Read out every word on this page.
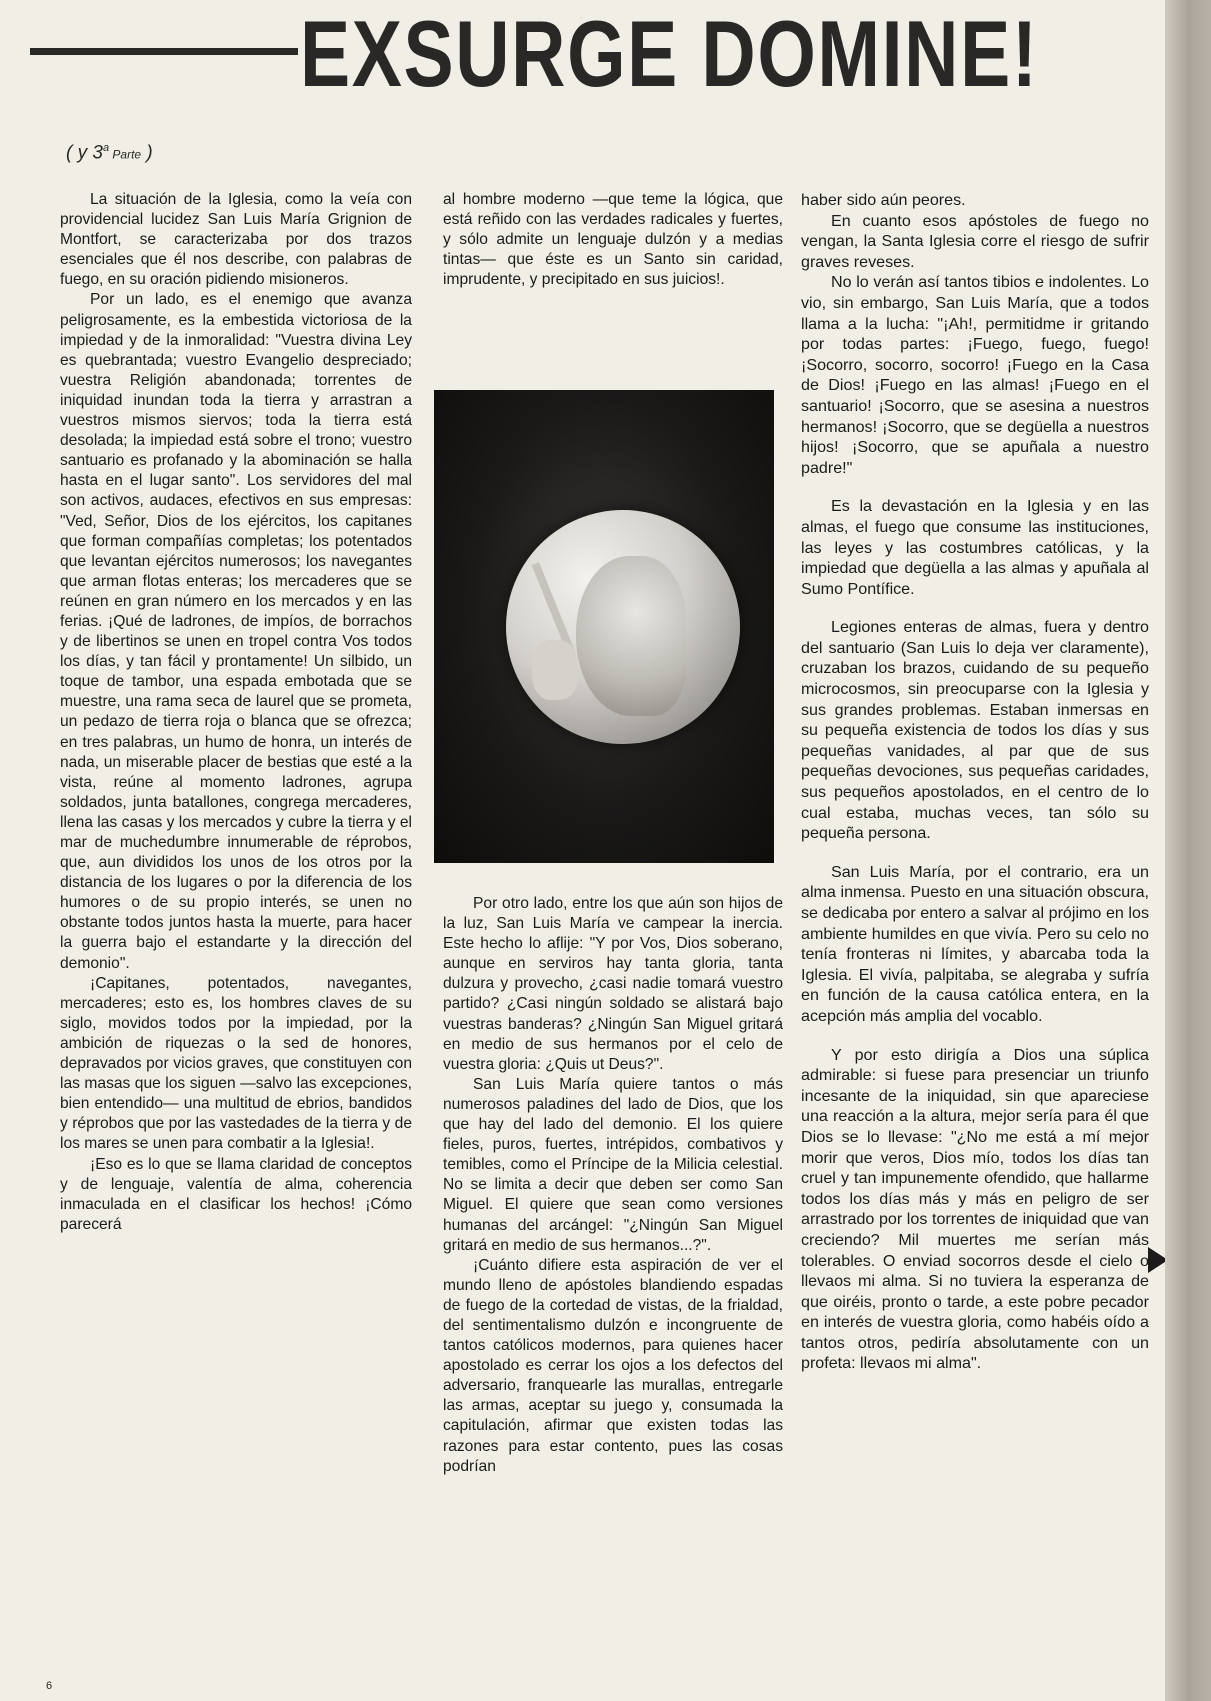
EXSURGE DOMINE!
( y 3$^a$ Parte )

La situación de la Iglesia, como la veía con providencial lucidez San Luis María Grignion de Montfort, se caracterizaba por dos trazos esenciales que él nos describe, con palabras de fuego, en su oración pidiendo misioneros.

Por un lado, es el enemigo que avanza peligrosamente, es la embestida victoriosa de la impiedad y de la inmoralidad: "Vuestra divina Ley es quebrantada; vuestro Evangelio despreciado; vuestra Religión abandonada; torrentes de iniquidad inundan toda la tierra y arrastran a vuestros mismos siervos; toda la tierra está desolada; la impiedad está sobre el trono; vuestro santuario es profanado y la abominación se halla hasta en el lugar santo". Los servidores del mal son activos, audaces, efectivos en sus empresas: "Ved, Señor, Dios de los ejércitos, los capitanes que forman compañías completas; los potentados que levantan ejércitos numerosos; los navegantes que arman flotas enteras; los mercaderes que se reúnen en gran número en los mercados y en las ferias. ¡Qué de ladrones, de impíos, de borrachos y de libertinos se unen en tropel contra Vos todos los días, y tan fácil y prontamente! Un silbido, un toque de tambor, una espada embotada que se muestre, una rama seca de laurel que se prometa, un pedazo de tierra roja o blanca que se ofrezca; en tres palabras, un humo de honra, un interés de nada, un miserable placer de bestias que esté a la vista, reúne al momento ladrones, agrupa soldados, junta batallones, congrega mercaderes, llena las casas y los mercados y cubre la tierra y el mar de muchedumbre innumerable de réprobos, que, aun divididos los unos de los otros por la distancia de los lugares o por la diferencia de los humores o de su propio interés, se unen no obstante todos juntos hasta la muerte, para hacer la guerra bajo el estandarte y la dirección del demonio".

¡Capitanes, potentados, navegantes, mercaderes; esto es, los hombres claves de su siglo, movidos todos por la impiedad, por la ambición de riquezas o la sed de honores, depravados por vicios graves, que constituyen con las masas que los siguen —salvo las excepciones, bien entendido— una multitud de ebrios, bandidos y réprobos que por las vastedades de la tierra y de los mares se unen para combatir a la Iglesia!.

¡Eso es lo que se llama claridad de conceptos y de lenguaje, valentía de alma, coherencia inmaculada en el clasificar los hechos! ¡Cómo parecerá

al hombre moderno —que teme la lógica, que está reñido con las verdades radicales y fuertes, y sólo admite un lenguaje dulzón y a medias tintas— que éste es un Santo sin caridad, imprudente, y precipitado en sus juicios!.

Por otro lado, entre los que aún son hijos de la luz, San Luis María ve campear la inercia. Este hecho lo aflije: "Y por Vos, Dios soberano, aunque en serviros hay tanta gloria, tanta dulzura y provecho, ¿casi nadie tomará vuestro partido? ¿Casi ningún soldado se alistará bajo vuestras banderas? ¿Ningún San Miguel gritará en medio de sus hermanos por el celo de vuestra gloria: ¿Quis ut Deus?".

San Luis María quiere tantos o más numerosos paladines del lado de Dios, que los que hay del lado del demonio. El los quiere fieles, puros, fuertes, intrépidos, combativos y temibles, como el Príncipe de la Milicia celestial. No se limita a decir que deben ser como San Miguel. El quiere que sean como versiones humanas del arcángel: "¿Ningún San Miguel gritará en medio de sus hermanos...?".

¡Cuánto difiere esta aspiración de ver el mundo lleno de apóstoles blandiendo espadas de fuego de la cortedad de vistas, de la frialdad, del sentimentalismo dulzón e incongruente de tantos católicos modernos, para quienes hacer apostolado es cerrar los ojos a los defectos del adversario, franquearle las murallas, entregarle las armas, aceptar su juego y, consumada la capitulación, afirmar que existen todas las razones para estar contento, pues las cosas podrían

haber sido aún peores.

En cuanto esos apóstoles de fuego no vengan, la Santa Iglesia corre el riesgo de sufrir graves reveses.

No lo verán así tantos tibios e indolentes. Lo vio, sin embargo, San Luis María, que a todos llama a la lucha: "¡Ah!, permitidme ir gritando por todas partes: ¡Fuego, fuego, fuego! ¡Socorro, socorro, socorro! ¡Fuego en la Casa de Dios! ¡Fuego en las almas! ¡Fuego en el santuario! ¡Socorro, que se asesina a nuestros hermanos! ¡Socorro, que se degüella a nuestros hijos! ¡Socorro, que se apuñala a nuestro padre!"

Es la devastación en la Iglesia y en las almas, el fuego que consume las instituciones, las leyes y las costumbres católicas, y la impiedad que degüella a las almas y apuñala al Sumo Pontífice.

Legiones enteras de almas, fuera y dentro del santuario (San Luis lo deja ver claramente), cruzaban los brazos, cuidando de su pequeño microcosmos, sin preocuparse con la Iglesia y sus grandes problemas. Estaban inmersas en su pequeña existencia de todos los días y sus pequeñas vanidades, al par que de sus pequeñas devociones, sus pequeñas caridades, sus pequeños apostolados, en el centro de lo cual estaba, muchas veces, tan sólo su pequeña persona.

San Luis María, por el contrario, era un alma inmensa. Puesto en una situación obscura, se dedicaba por entero a salvar al prójimo en los ambiente humildes en que vivía. Pero su celo no tenía fronteras ni límites, y abarcaba toda la Iglesia. El vivía, palpitaba, se alegraba y sufría en función de la causa católica entera, en la acepción más amplia del vocablo.

Y por esto dirigía a Dios una súplica admirable: si fuese para presenciar un triunfo incesante de la iniquidad, sin que apareciese una reacción a la altura, mejor sería para él que Dios se lo llevase: "¿No me está a mí mejor morir que veros, Dios mío, todos los días tan cruel y tan impunemente ofendido, que hallarme todos los días más y más en peligro de ser arrastrado por los torrentes de iniquidad que van creciendo? Mil muertes me serían más tolerables. O enviad socorros desde el cielo o llevaos mi alma. Si no tuviera la esperanza de que oiréis, pronto o tarde, a este pobre pecador en interés de vuestra gloria, como habéis oído a tantos otros, pediría absolutamente con un profeta: llevaos mi alma".

6
